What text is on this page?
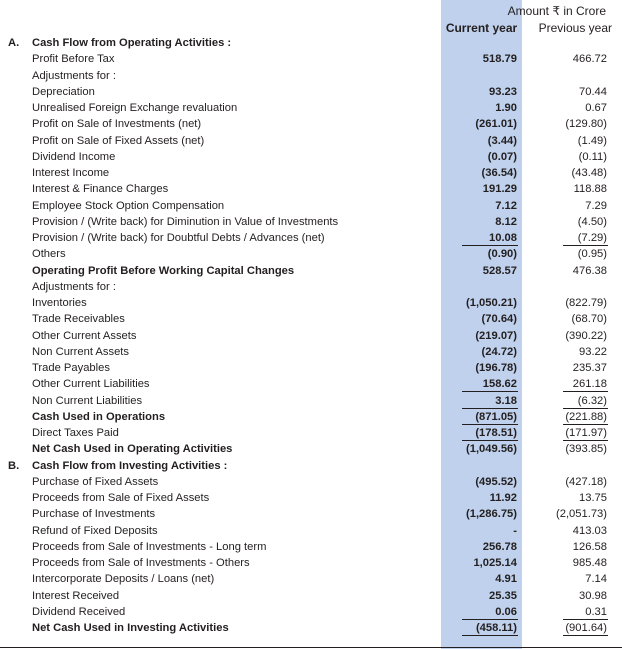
Amount ₹ in Crore
Current year	Previous year
A. Cash Flow from Operating Activities :
Profit Before Tax	518.79	466.72
Adjustments for :
Depreciation	93.23	70.44
Unrealised Foreign Exchange revaluation	1.90	0.67
Profit on Sale of Investments (net)	(261.01)	(129.80)
Profit on Sale of Fixed Assets (net)	(3.44)	(1.49)
Dividend Income	(0.07)	(0.11)
Interest Income	(36.54)	(43.48)
Interest & Finance Charges	191.29	118.88
Employee Stock Option Compensation	7.12	7.29
Provision / (Write back) for Diminution in Value of Investments	8.12	(4.50)
Provision / (Write back) for Doubtful Debts / Advances (net)	10.08	(7.29)
Others	(0.90)	(0.95)
Operating Profit Before Working Capital Changes	528.57	476.38
Adjustments for :
Inventories	(1,050.21)	(822.79)
Trade Receivables	(70.64)	(68.70)
Other Current Assets	(219.07)	(390.22)
Non Current Assets	(24.72)	93.22
Trade Payables	(196.78)	235.37
Other Current Liabilities	158.62	261.18
Non Current Liabilities	3.18	(6.32)
Cash Used in Operations	(871.05)	(221.88)
Direct Taxes Paid	(178.51)	(171.97)
Net Cash Used in Operating Activities	(1,049.56)	(393.85)
B. Cash Flow from Investing Activities :
Purchase of Fixed Assets	(495.52)	(427.18)
Proceeds from Sale of Fixed Assets	11.92	13.75
Purchase of Investments	(1,286.75)	(2,051.73)
Refund of Fixed Deposits	-	413.03
Proceeds from Sale of Investments - Long term	256.78	126.58
Proceeds from Sale of Investments - Others	1,025.14	985.48
Intercorporate Deposits / Loans (net)	4.91	7.14
Interest Received	25.35	30.98
Dividend Received	0.06	0.31
Net Cash Used in Investing Activities	(458.11)	(901.64)
